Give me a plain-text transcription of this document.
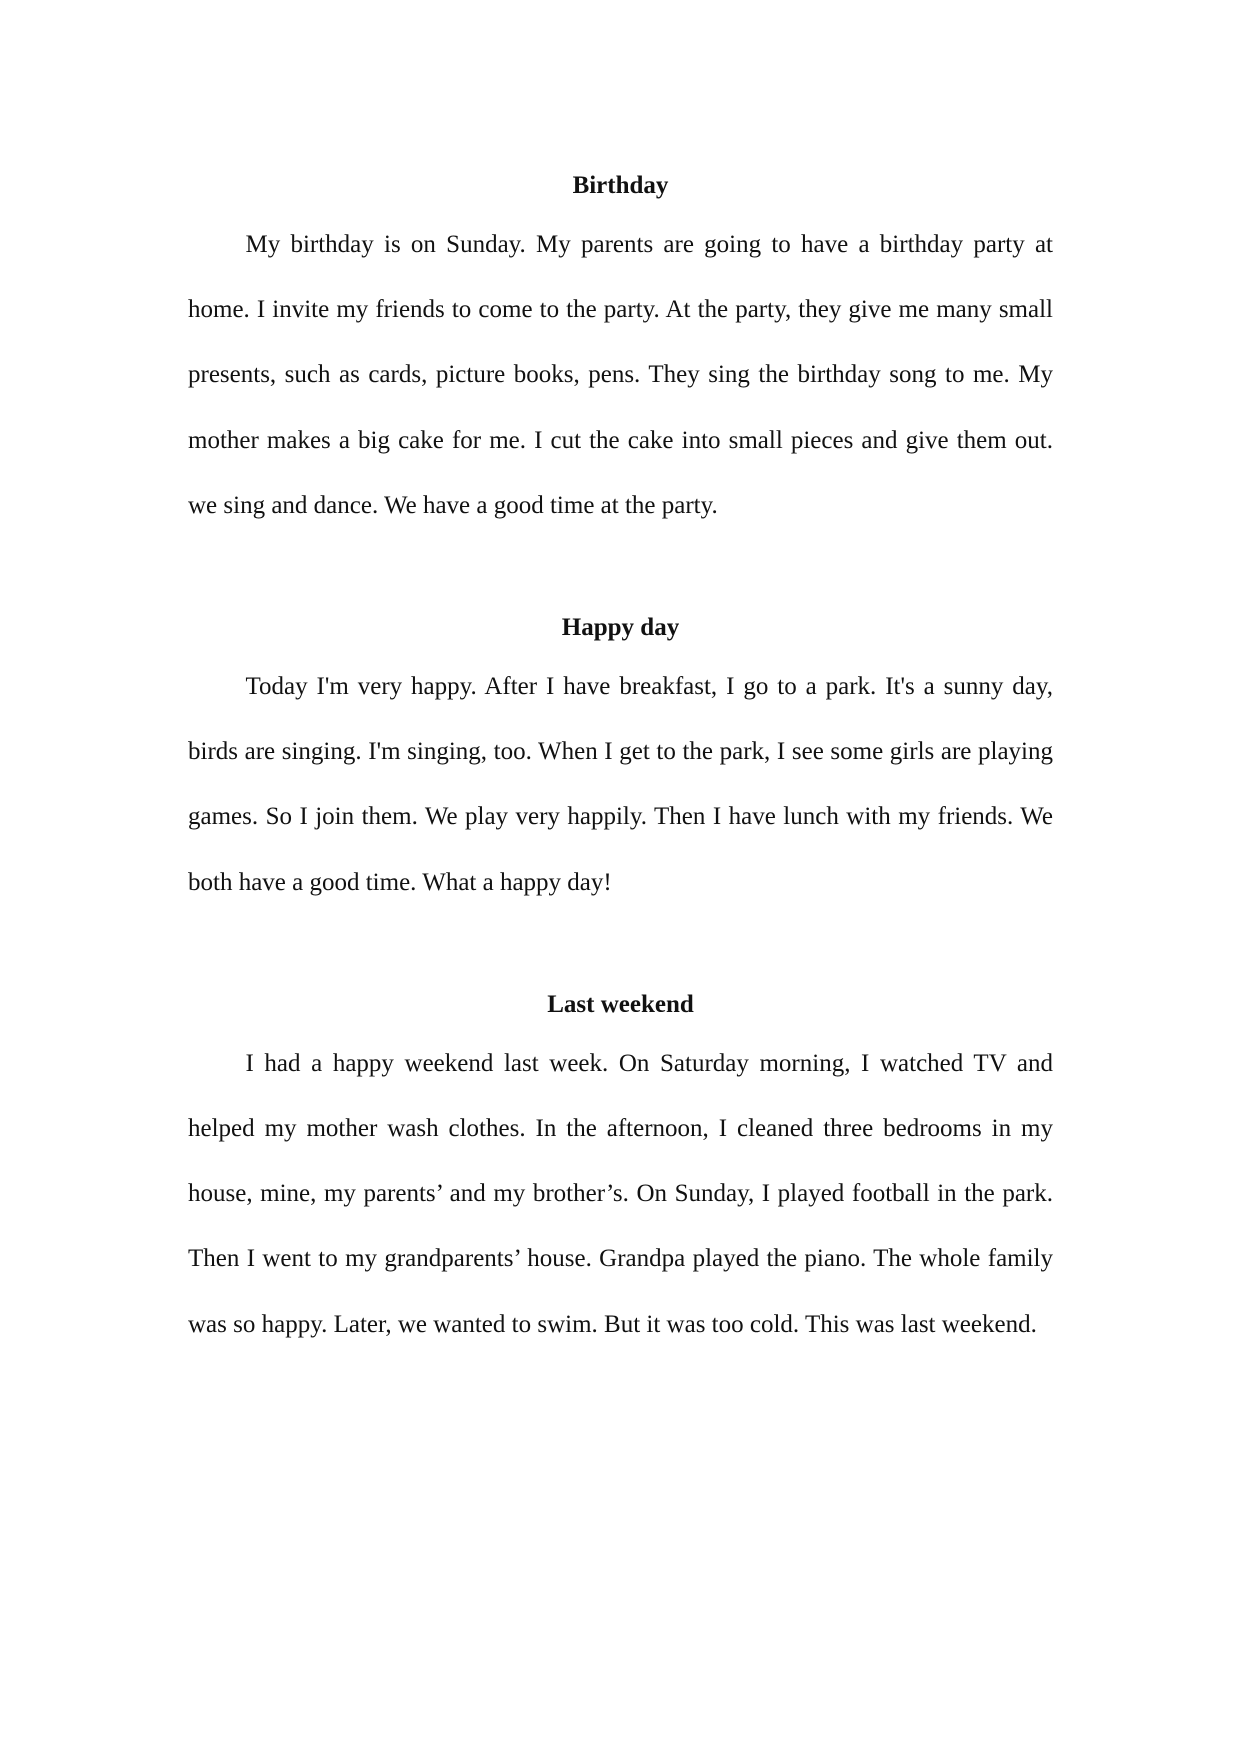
Birthday

My birthday is on Sunday. My parents are going to have a birthday party at home. I invite my friends to come to the party. At the party, they give me many small presents, such as cards, picture books, pens. They sing the birthday song to me. My mother makes a big cake for me. I cut the cake into small pieces and give them out. we sing and dance. We have a good time at the party.

Happy day

Today I'm very happy. After I have breakfast, I go to a park. It's a sunny day, birds are singing. I'm singing, too. When I get to the park, I see some girls are playing games. So I join them. We play very happily. Then I have lunch with my friends. We both have a good time. What a happy day!

Last weekend

I had a happy weekend last week. On Saturday morning, I watched TV and helped my mother wash clothes. In the afternoon, I cleaned three bedrooms in my house, mine, my parents’ and my brother’s. On Sunday, I played football in the park. Then I went to my grandparents’ house. Grandpa played the piano. The whole family was so happy. Later, we wanted to swim. But it was too cold. This was last weekend.
